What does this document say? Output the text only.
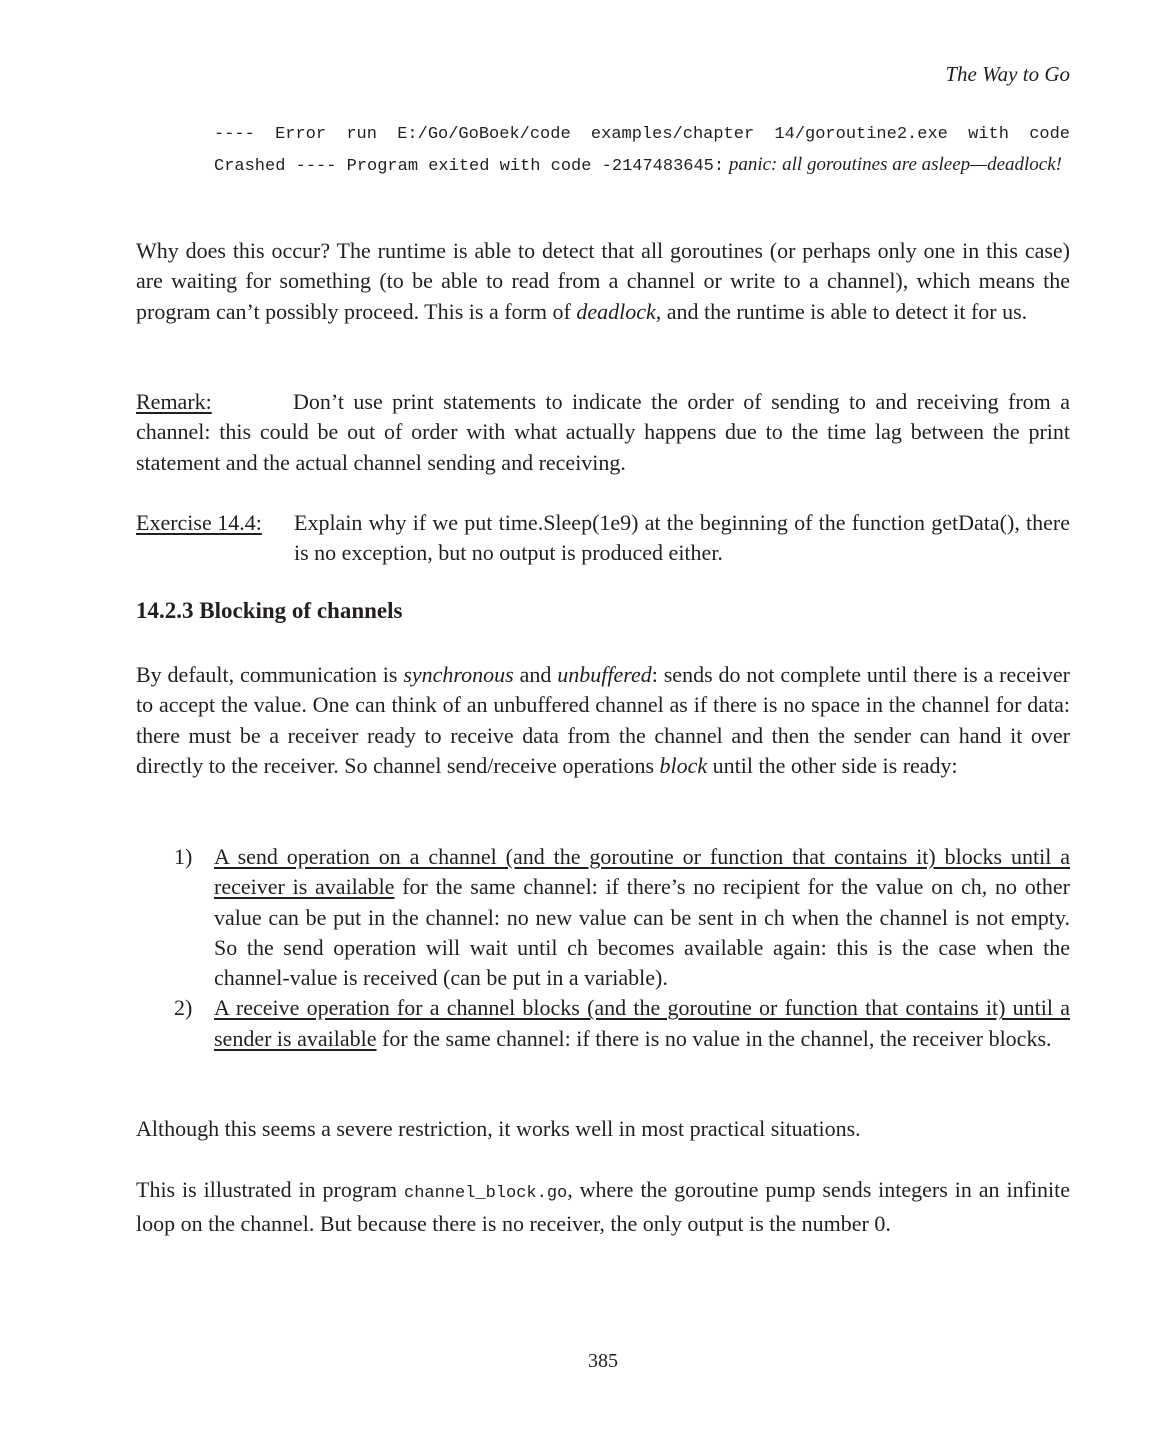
The Way to Go
---- Error run E:/Go/GoBoek/code examples/chapter 14/goroutine2.exe with code Crashed ---- Program exited with code -2147483645: panic: all goroutines are asleep—deadlock!
Why does this occur? The runtime is able to detect that all goroutines (or perhaps only one in this case) are waiting for something (to be able to read from a channel or write to a channel), which means the program can’t possibly proceed. This is a form of deadlock, and the runtime is able to detect it for us.
Remark:	Don’t use print statements to indicate the order of sending to and receiving from a channel: this could be out of order with what actually happens due to the time lag between the print statement and the actual channel sending and receiving.
Exercise 14.4:	Explain why if we put time.Sleep(1e9) at the beginning of the function getData(), there is no exception, but no output is produced either.
14.2.3 Blocking of channels
By default, communication is synchronous and unbuffered: sends do not complete until there is a receiver to accept the value. One can think of an unbuffered channel as if there is no space in the channel for data: there must be a receiver ready to receive data from the channel and then the sender can hand it over directly to the receiver. So channel send/receive operations block until the other side is ready:
1) A send operation on a channel (and the goroutine or function that contains it) blocks until a receiver is available for the same channel: if there’s no recipient for the value on ch, no other value can be put in the channel: no new value can be sent in ch when the channel is not empty. So the send operation will wait until ch becomes available again: this is the case when the channel-value is received (can be put in a variable).
2) A receive operation for a channel blocks (and the goroutine or function that contains it) until a sender is available for the same channel: if there is no value in the channel, the receiver blocks.
Although this seems a severe restriction, it works well in most practical situations.
This is illustrated in program channel_block.go, where the goroutine pump sends integers in an infinite loop on the channel. But because there is no receiver, the only output is the number 0.
385
